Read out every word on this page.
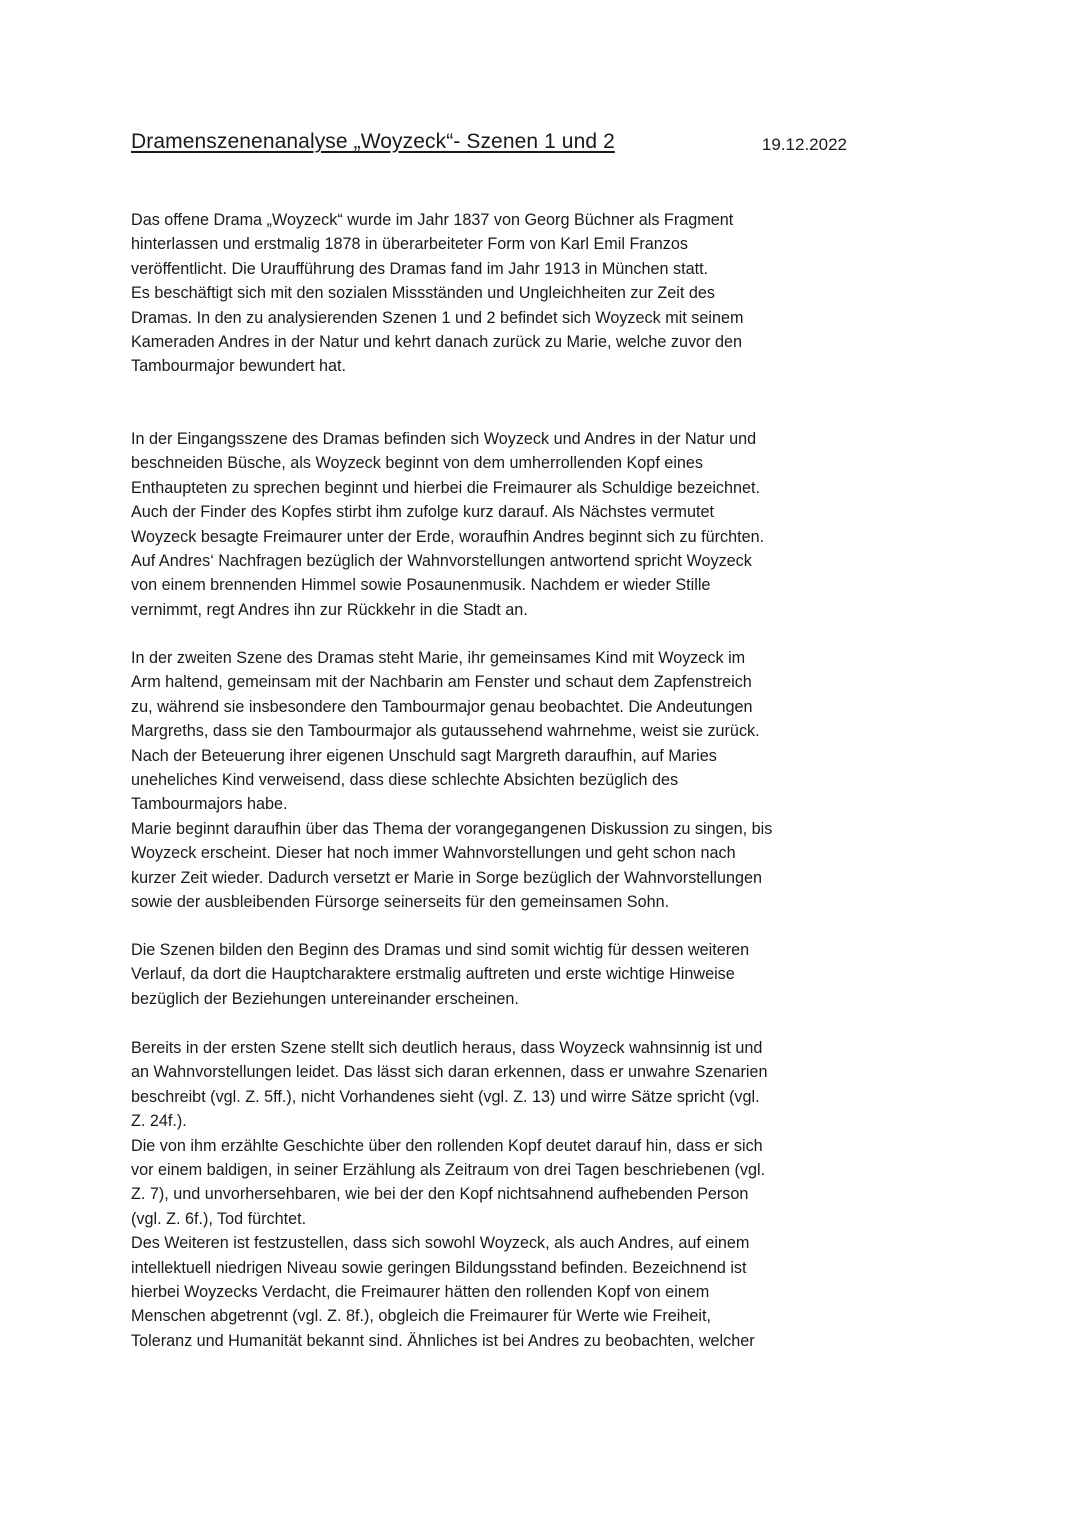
Dramenszenenanalyse „Woyzeck“- Szenen 1 und 2	19.12.2022
Das offene Drama „Woyzeck“ wurde im Jahr 1837 von Georg Büchner als Fragment
hinterlassen und erstmalig 1878 in überarbeiteter Form von Karl Emil Franzos
veröffentlicht. Die Uraufführung des Dramas fand im Jahr 1913 in München statt.
Es beschäftigt sich mit den sozialen Missständen und Ungleichheiten zur Zeit des
Dramas. In den zu analysierenden Szenen 1 und 2 befindet sich Woyzeck mit seinem
Kameraden Andres in der Natur und kehrt danach zurück zu Marie, welche zuvor den
Tambourmajor bewundert hat.
In der Eingangsszene des Dramas befinden sich Woyzeck und Andres in der Natur und
beschneiden Büsche, als Woyzeck beginnt von dem umherrollenden Kopf eines
Enthaupteten zu sprechen beginnt und hierbei die Freimaurer als Schuldige bezeichnet.
Auch der Finder des Kopfes stirbt ihm zufolge kurz darauf. Als Nächstes vermutet
Woyzeck besagte Freimaurer unter der Erde, woraufhin Andres beginnt sich zu fürchten.
Auf Andres‘ Nachfragen bezüglich der Wahnvorstellungen antwortend spricht Woyzeck
von einem brennenden Himmel sowie Posaunenmusik. Nachdem er wieder Stille
vernimmt, regt Andres ihn zur Rückkehr in die Stadt an.
In der zweiten Szene des Dramas steht Marie, ihr gemeinsames Kind mit Woyzeck im
Arm haltend, gemeinsam mit der Nachbarin am Fenster und schaut dem Zapfenstreich
zu, während sie insbesondere den Tambourmajor genau beobachtet. Die Andeutungen
Margreths, dass sie den Tambourmajor als gutaussehend wahrnehme, weist sie zurück.
Nach der Beteuerung ihrer eigenen Unschuld sagt Margreth daraufhin, auf Maries
uneheliches Kind verweisend, dass diese schlechte Absichten bezüglich des
Tambourmajors habe.
Marie beginnt daraufhin über das Thema der vorangegangenen Diskussion zu singen, bis
Woyzeck erscheint. Dieser hat noch immer Wahnvorstellungen und geht schon nach
kurzer Zeit wieder. Dadurch versetzt er Marie in Sorge bezüglich der Wahnvorstellungen
sowie der ausbleibenden Fürsorge seinerseits für den gemeinsamen Sohn.
Die Szenen bilden den Beginn des Dramas und sind somit wichtig für dessen weiteren
Verlauf, da dort die Hauptcharaktere erstmalig auftreten und erste wichtige Hinweise
bezüglich der Beziehungen untereinander erscheinen.
Bereits in der ersten Szene stellt sich deutlich heraus, dass Woyzeck wahnsinnig ist und
an Wahnvorstellungen leidet. Das lässt sich daran erkennen, dass er unwahre Szenarien
beschreibt (vgl. Z. 5ff.), nicht Vorhandenes sieht (vgl. Z. 13) und wirre Sätze spricht (vgl.
Z. 24f.).
Die von ihm erzählte Geschichte über den rollenden Kopf deutet darauf hin, dass er sich
vor einem baldigen, in seiner Erzählung als Zeitraum von drei Tagen beschriebenen (vgl.
Z. 7), und unvorhersehbaren, wie bei der den Kopf nichtsahnend aufhebenden Person
(vgl. Z. 6f.), Tod fürchtet.
Des Weiteren ist festzustellen, dass sich sowohl Woyzeck, als auch Andres, auf einem
intellektuell niedrigen Niveau sowie geringen Bildungsstand befinden. Bezeichnend ist
hierbei Woyzecks Verdacht, die Freimaurer hätten den rollenden Kopf von einem
Menschen abgetrennt (vgl. Z. 8f.), obgleich die Freimaurer für Werte wie Freiheit,
Toleranz und Humanität bekannt sind. Ähnliches ist bei Andres zu beobachten, welcher
